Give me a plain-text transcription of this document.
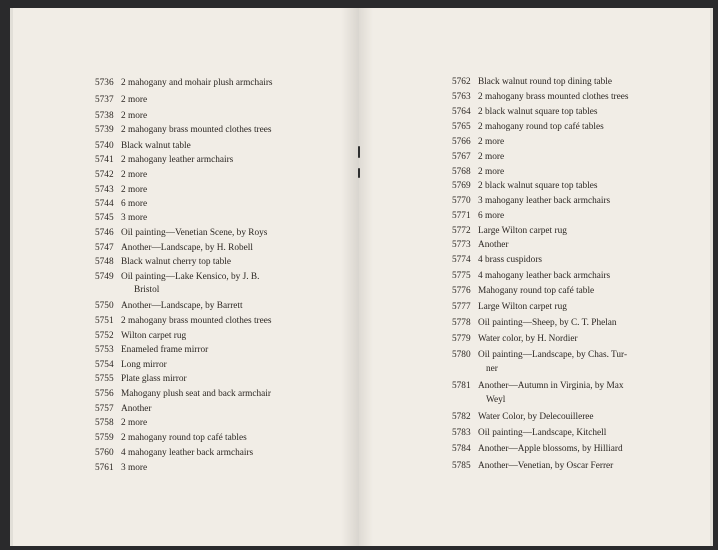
5736 2 mahogany and mohair plush armchairs
5737 2 more
5738 2 more
5739 2 mahogany brass mounted clothes trees
5740 Black walnut table
5741 2 mahogany leather armchairs
5742 2 more
5743 2 more
5744 6 more
5745 3 more
5746 Oil painting—Venetian Scene, by Roys
5747 Another—Landscape, by H. Robell
5748 Black walnut cherry top table
5749 Oil painting—Lake Kensico, by J. B.
Bristol
5750 Another—Landscape, by Barrett
5751 2 mahogany brass mounted clothes trees
5752 Wilton carpet rug
5753 Enameled frame mirror
5754 Long mirror
5755 Plate glass mirror
5756 Mahogany plush seat and back armchair
5757 Another
5758 2 more
5759 2 mahogany round top café tables
5760 4 mahogany leather back armchairs
5761 3 more
5762 Black walnut round top dining table
5763 2 mahogany brass mounted clothes trees
5764 2 black walnut square top tables
5765 2 mahogany round top café tables
5766 2 more
5767 2 more
5768 2 more
5769 2 black walnut square top tables
5770 3 mahogany leather back armchairs
5771 6 more
5772 Large Wilton carpet rug
5773 Another
5774 4 brass cuspidors
5775 4 mahogany leather back armchairs
5776 Mahogany round top café table
5777 Large Wilton carpet rug
5778 Oil painting—Sheep, by C. T. Phelan
5779 Water color, by H. Nordier
5780 Oil painting—Landscape, by Chas. Tur-
ner
5781 Another—Autumn in Virginia, by Max
Weyl
5782 Water Color, by Delecouilleree
5783 Oil painting—Landscape, Kitchell
5784 Another—Apple blossoms, by Hilliard
5785 Another—Venetian, by Oscar Ferrer
